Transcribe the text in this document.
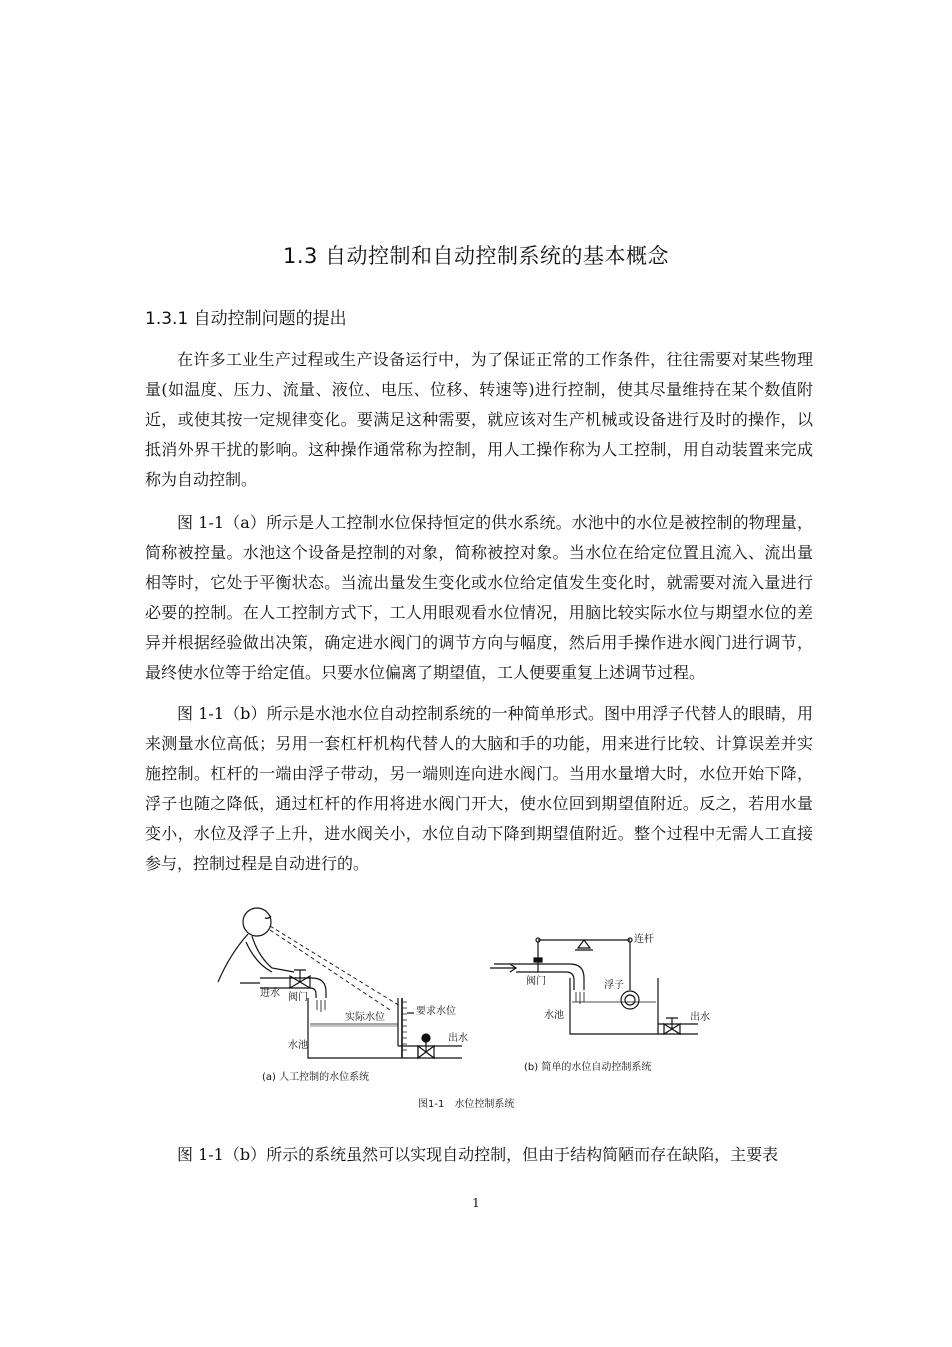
1.3 自动控制和自动控制系统的基本概念
1.3.1 自动控制问题的提出

在许多工业生产过程或生产设备运行中，为了保证正常的工作条件，往往需要对某些物理量(如温度、压力、流量、液位、电压、位移、转速等)进行控制，使其尽量维持在某个数值附近，或使其按一定规律变化。要满足这种需要，就应该对生产机械或设备进行及时的操作，以抵消外界干扰的影响。这种操作通常称为控制，用人工操作称为人工控制，用自动装置来完成称为自动控制。

图 1-1（a）所示是人工控制水位保持恒定的供水系统。水池中的水位是被控制的物理量，简称被控量。水池这个设备是控制的对象，简称被控对象。当水位在给定位置且流入、流出量相等时，它处于平衡状态。当流出量发生变化或水位给定值发生变化时，就需要对流入量进行必要的控制。在人工控制方式下，工人用眼观看水位情况，用脑比较实际水位与期望水位的差异并根据经验做出决策，确定进水阀门的调节方向与幅度，然后用手操作进水阀门进行调节，最终使水位等于给定值。只要水位偏离了期望值，工人便要重复上述调节过程。

图 1-1（b）所示是水池水位自动控制系统的一种简单形式。图中用浮子代替人的眼睛，用来测量水位高低；另用一套杠杆机构代替人的大脑和手的功能，用来进行比较、计算误差并实施控制。杠杆的一端由浮子带动，另一端则连向进水阀门。当用水量增大时，水位开始下降，浮子也随之降低，通过杠杆的作用将进水阀门开大，使水位回到期望值附近。反之，若用水量变小，水位及浮子上升，进水阀关小，水位自动下降到期望值附近。整个过程中无需人工直接参与，控制过程是自动进行的。

进水 阀门
实际水位
要求水位
水池
出水
(a) 人工控制的水位系统
连杆
阀门	浮子
水池	出水
(b) 简单的水位自动控制系统
图1-1　水位控制系统

图 1-1（b）所示的系统虽然可以实现自动控制，但由于结构简陋而存在缺陷，主要表

1
